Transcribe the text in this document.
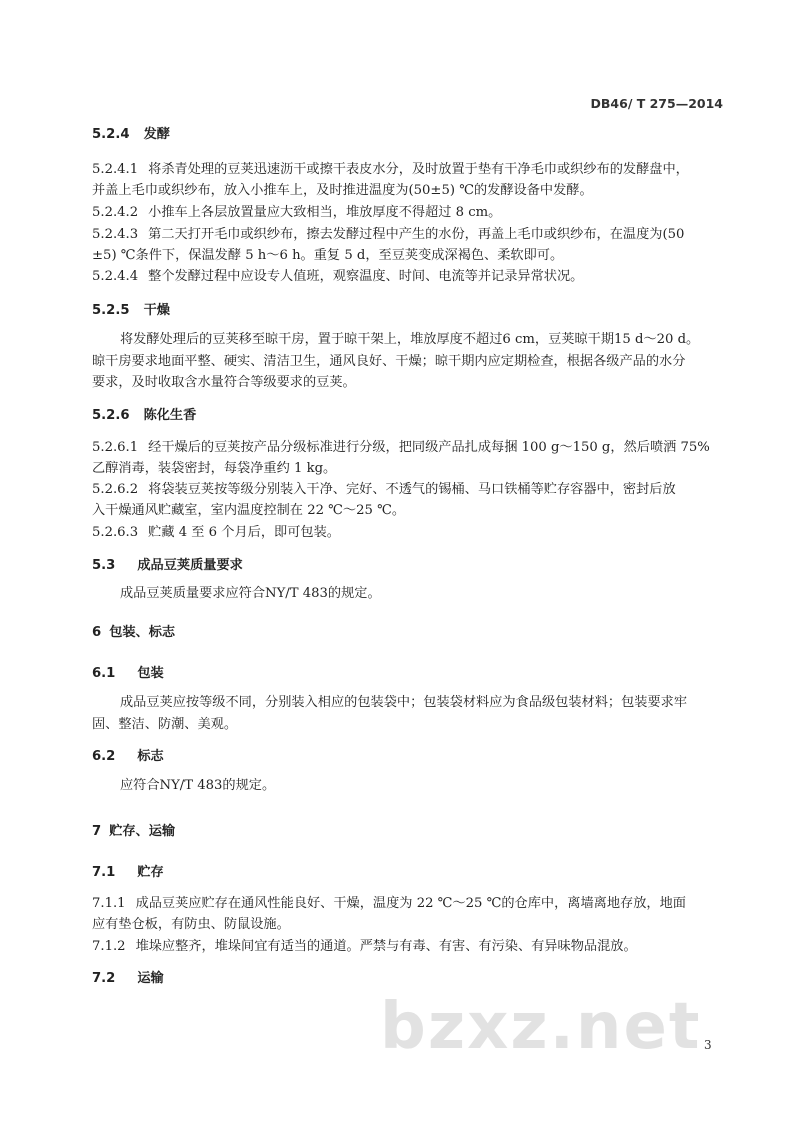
DB46/ T 275—2014
5.2.4 发酵
5.2.4.1 将杀青处理的豆荚迅速沥干或擦干表皮水分，及时放置于垫有干净毛巾或织纱布的发酵盘中，
并盖上毛巾或织纱布，放入小推车上，及时推进温度为(50±5) ℃的发酵设备中发酵。
5.2.4.2 小推车上各层放置量应大致相当，堆放厚度不得超过 8 cm。
5.2.4.3 第二天打开毛巾或织纱布，擦去发酵过程中产生的水份，再盖上毛巾或织纱布，在温度为(50
±5) ℃条件下，保温发酵 5 h～6 h。重复 5 d，至豆荚变成深褐色、柔软即可。
5.2.4.4 整个发酵过程中应设专人值班，观察温度、时间、电流等并记录异常状况。
5.2.5 干燥
将发酵处理后的豆荚移至晾干房，置于晾干架上，堆放厚度不超过6 cm，豆荚晾干期15 d～20 d。
晾干房要求地面平整、硬实、清洁卫生，通风良好、干燥；晾干期内应定期检查，根据各级产品的水分
要求，及时收取含水量符合等级要求的豆荚。
5.2.6 陈化生香
5.2.6.1 经干燥后的豆荚按产品分级标准进行分级，把同级产品扎成每捆 100 g～150 g，然后喷洒 75%
乙醇消毒，装袋密封，每袋净重约 1 kg。
5.2.6.2 将袋装豆荚按等级分别装入干净、完好、不透气的锡桶、马口铁桶等贮存容器中，密封后放
入干燥通风贮藏室，室内温度控制在 22 ℃～25 ℃。
5.2.6.3 贮藏 4 至 6 个月后，即可包装。
5.3 成品豆荚质量要求
成品豆荚质量要求应符合NY/T 483的规定。
6 包装、标志
6.1 包装
成品豆荚应按等级不同，分别装入相应的包装袋中；包装袋材料应为食品级包装材料；包装要求牢
固、整洁、防潮、美观。
6.2 标志
应符合NY/T 483的规定。
7 贮存、运输
7.1 贮存
7.1.1 成品豆荚应贮存在通风性能良好、干燥，温度为 22 ℃～25 ℃的仓库中，离墙离地存放，地面
应有垫仓板，有防虫、防鼠设施。
7.1.2 堆垛应整齐，堆垛间宜有适当的通道。严禁与有毒、有害、有污染、有异味物品混放。
7.2 运输
bzxz.net 3
